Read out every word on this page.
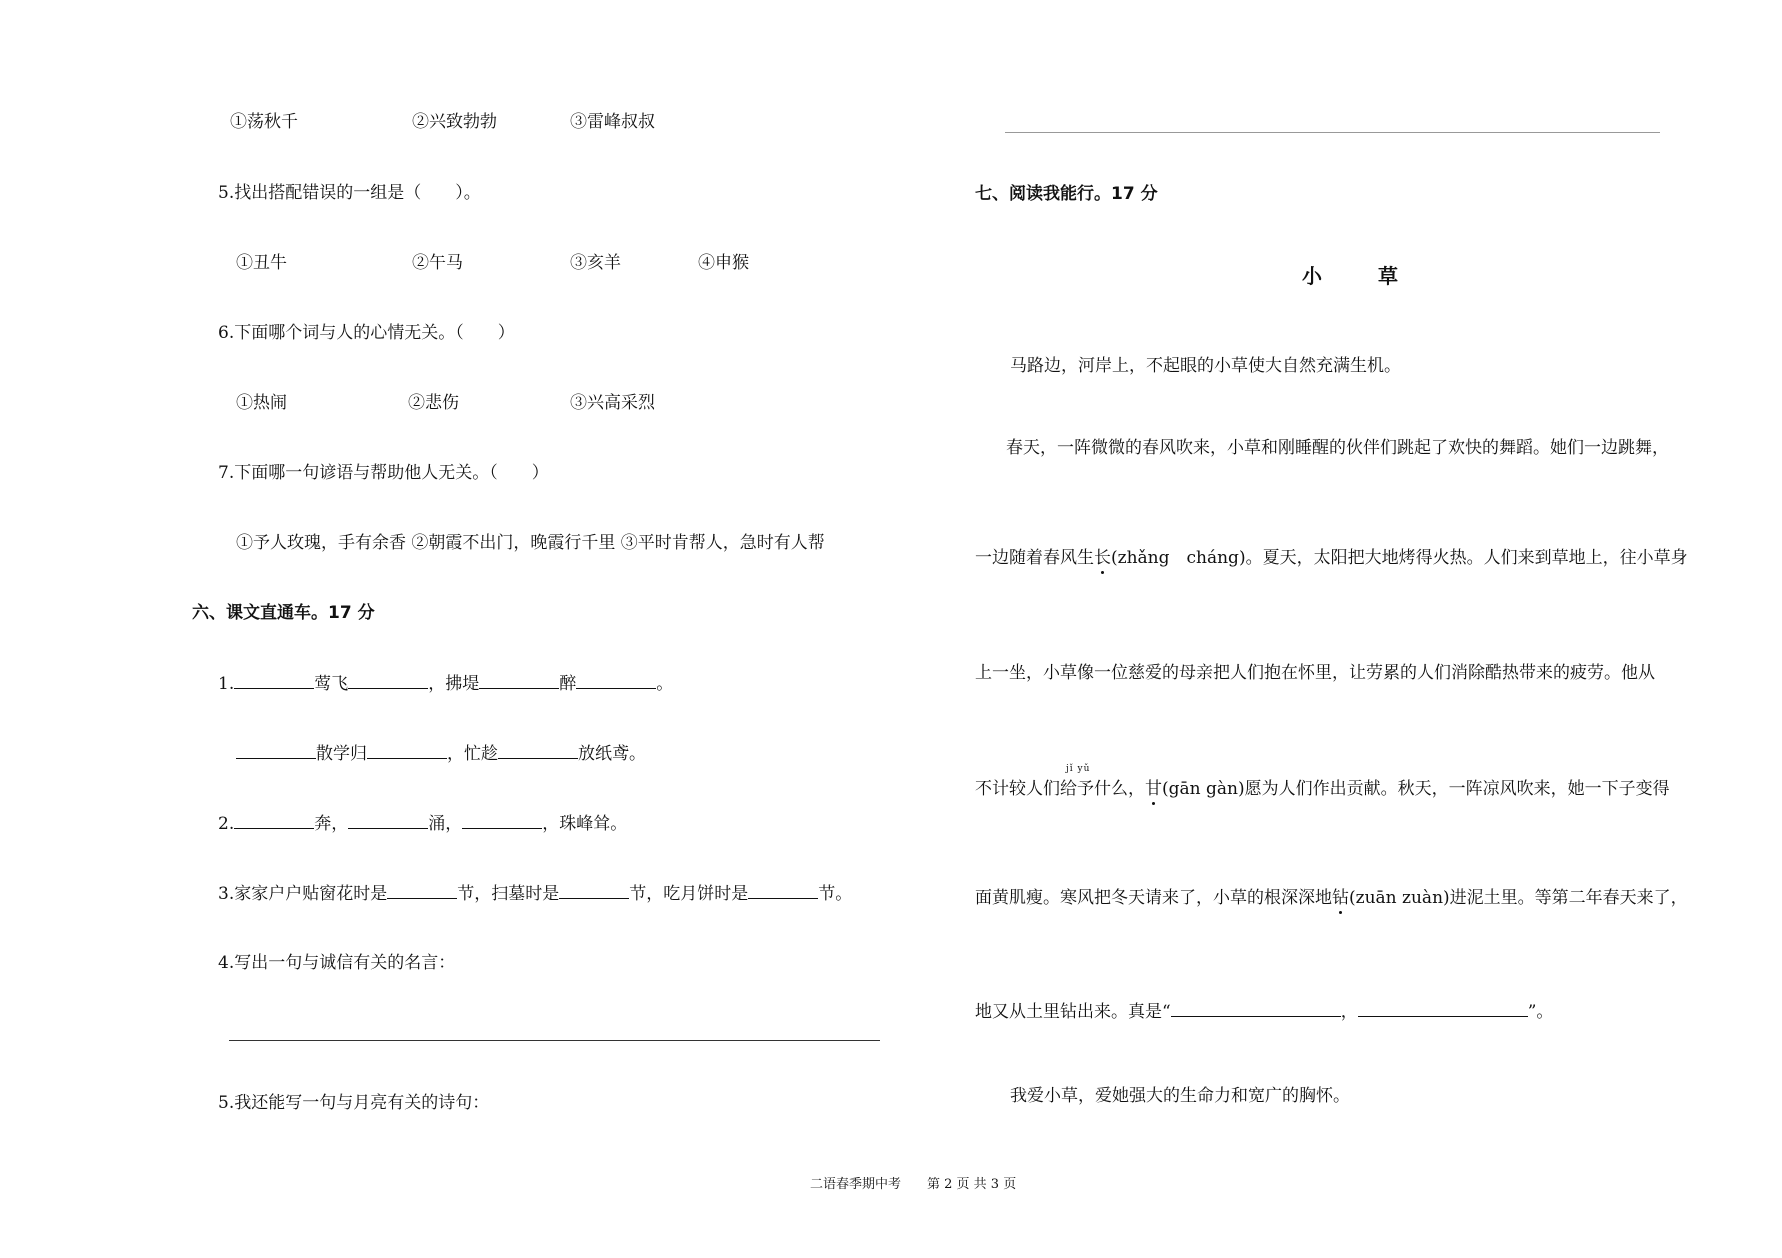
①荡秋千	②兴致勃勃	③雷峰叔叔
5.找出搭配错误的一组是（　　）。
①丑牛	②午马	③亥羊	④申猴
6.下面哪个词与人的心情无关。（　　）
①热闹	②悲伤	③兴高采烈
7.下面哪一句谚语与帮助他人无关。（　　）
①予人玫瑰，手有余香 ②朝霞不出门，晚霞行千里 ③平时肯帮人，急时有人帮
六、课文直通车。17 分
1.	莺飞	，拂堤	醉	。
散学归	，忙趁	放纸鸢。
2.	奔，	涌，	，珠峰耸。
3.家家户户贴窗花时是	节，扫墓时是	节，吃月饼时是	节。
4.写出一句与诚信有关的名言：
5.我还能写一句与月亮有关的诗句：
七、阅读我能行。17 分
小　草
马路边，河岸上，不起眼的小草使大自然充满生机。
春天，一阵微微的春风吹来，小草和刚睡醒的伙伴们跳起了欢快的舞蹈。她们一边跳舞，
一边随着春风生长(zhǎng　cháng)。夏天，太阳把大地烤得火热。人们来到草地上，往小草身
上一坐，小草像一位慈爱的母亲把人们抱在怀里，让劳累的人们消除酷热带来的疲劳。他从
jǐ yǔ
不计较人们给予什么，甘(gān gàn)愿为人们作出贡献。秋天，一阵凉风吹来，她一下子变得
面黄肌瘦。寒风把冬天请来了，小草的根深深地钻(zuān zuàn)进泥土里。等第二年春天来了，
地又从土里钻出来。真是“	，	”。
我爱小草，爱她强大的生命力和宽广的胸怀。
二语春季期中考　　第 2 页 共 3 页
